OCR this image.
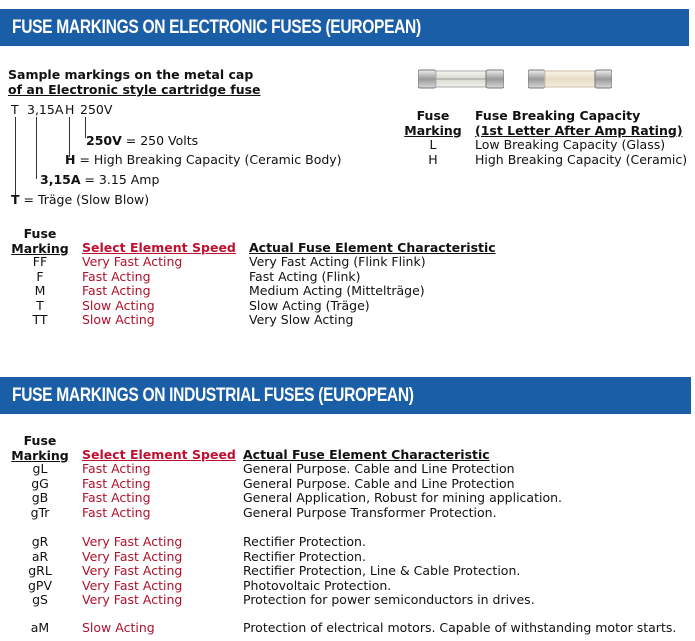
FUSE MARKINGS ON ELECTRONIC FUSES (EUROPEAN)
Sample markings on the metal cap
of an Electronic style cartridge fuse
T 3,15A H 250V
250V = 250 Volts
H = High Breaking Capacity (Ceramic Body)
3,15A = 3.15 Amp
T = Träge (Slow Blow)
Fuse
Marking
Fuse Breaking Capacity
(1st Letter After Amp Rating)
L
H
Low Breaking Capacity (Glass)
High Breaking Capacity (Ceramic)
Fuse
Marking Select Element Speed Actual Fuse Element Characteristic
FF
F
M
T
TT
Very Fast Acting
Fast Acting
Fast Acting
Slow Acting
Slow Acting
Very Fast Acting (Flink Flink)
Fast Acting (Flink)
Medium Acting (Mittelträge)
Slow Acting (Träge)
Very Slow Acting
FUSE MARKINGS ON INDUSTRIAL FUSES (EUROPEAN)
Fuse
Marking Select Element Speed Actual Fuse Element Characteristic
gL
gG
gB
gTr
Fast Acting
Fast Acting
Fast Acting
Fast Acting
General Purpose. Cable and Line Protection
General Purpose. Cable and Line Protection
General Application, Robust for mining application.
General Purpose Transformer Protection.
gR
aR
gRL
gPV
gS
Very Fast Acting
Very Fast Acting
Very Fast Acting
Very Fast Acting
Very Fast Acting
Rectifier Protection.
Rectifier Protection.
Rectifier Protection, Line & Cable Protection.
Photovoltaic Protection.
Protection for power semiconductors in drives.
aM	Slow Acting	Protection of electrical motors. Capable of withstanding motor starts.
